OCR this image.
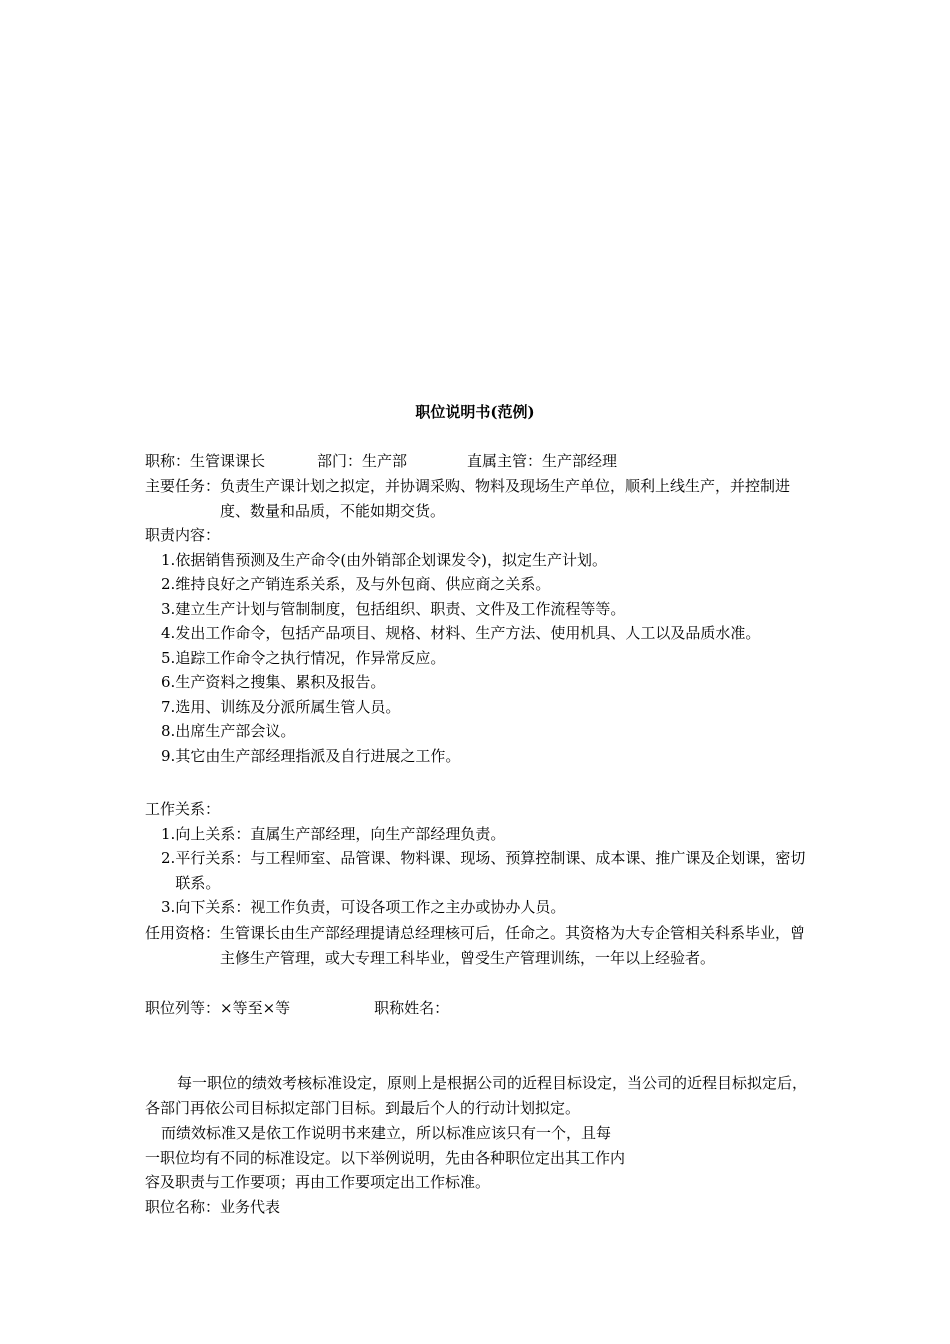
职位说明书(范例)
职称：生管课课长	部门：生产部	直属主管：生产部经理
主要任务： 负责生产课计划之拟定，并协调采购、物料及现场生产单位，顺利上线生产，并控制进度、数量和品质，不能如期交货。
职责内容：
1. 依据销售预测及生产命令(由外销部企划课发令)，拟定生产计划。
2. 维持良好之产销连系关系，及与外包商、供应商之关系。
3. 建立生产计划与管制制度，包括组织、职责、文件及工作流程等等。
4. 发出工作命令，包括产品项目、规格、材料、生产方法、使用机具、人工以及品质水准。
5. 追踪工作命令之执行情况，作异常反应。
6. 生产资料之搜集、累积及报告。
7. 选用、训练及分派所属生管人员。
8. 出席生产部会议。
9. 其它由生产部经理指派及自行进展之工作。
工作关系：
1. 向上关系：直属生产部经理，向生产部经理负责。
2. 平行关系：与工程师室、品管课、物料课、现场、预算控制课、成本课、推广课及企划课，密切联系。
3. 向下关系：视工作负责，可设各项工作之主办或协办人员。
任用资格： 生管课长由生产部经理提请总经理核可后，任命之。其资格为大专企管相关科系毕业，曾主修生产管理，或大专理工科毕业，曾受生产管理训练，一年以上经验者。
职位列等：×等至×等	职称姓名：
每一职位的绩效考核标准设定，原则上是根据公司的近程目标设定，当公司的近程目标拟定后，各部门再依公司目标拟定部门目标。到最后个人的行动计划拟定。
而绩效标准又是依工作说明书来建立，所以标准应该只有一个，且每
一职位均有不同的标准设定。以下举例说明，先由各种职位定出其工作内
容及职责与工作要项；再由工作要项定出工作标准。
职位名称：业务代表
